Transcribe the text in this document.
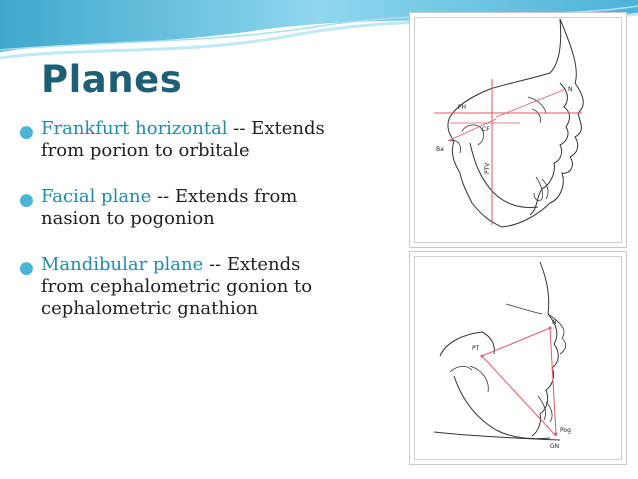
Planes
● Frankfurt horizontal -- Extends from porion to orbitale
● Facial plane -- Extends from nasion to pogonion
● Mandibular plane -- Extends from cephalometric gonion to cephalometric gnathion
FH
CF
Ba
PTV
N
PT
N
Pog
GN
